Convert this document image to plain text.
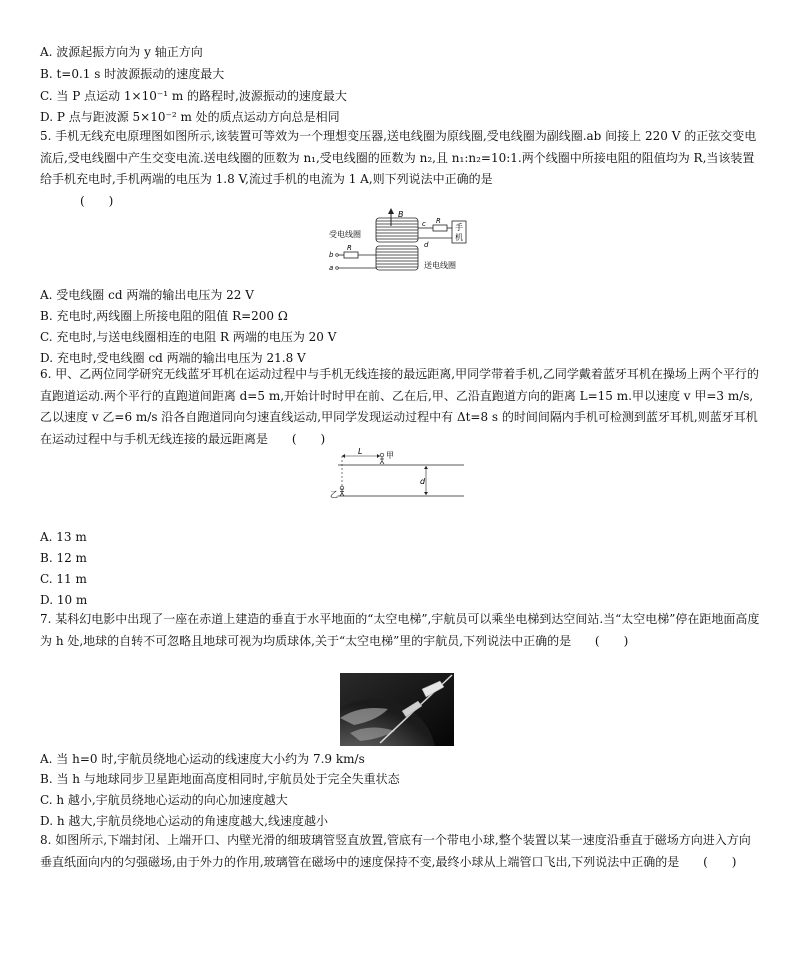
A. 波源起振方向为 y 轴正方向
B. t=0.1 s 时波源振动的速度最大
C. 当 P 点运动 1×10⁻¹ m 的路程时,波源振动的速度最大
D. P 点与距波源 5×10⁻² m 处的质点运动方向总是相同
5. 手机无线充电原理图如图所示,该装置可等效为一个理想变压器,送电线圈为原线圈,受电线圈为副线圈.ab 间接上 220 V 的正弦交变电流后,受电线圈中产生交变电流.送电线圈的匝数为 n₁,受电线圈的匝数为 n₂,且 n₁:n₂=10:1.两个线圈中所接电阻的阻值均为 R,当该装置给手机充电时,手机两端的电压为 1.8 V,流过手机的电流为 1 A,则下列说法中正确的是
(　　)
B
受电线圈
送电线圈
c R
d
手
机
b
a
R
A. 受电线圈 cd 两端的输出电压为 22 V
B. 充电时,两线圈上所接电阻的阻值 R=200 Ω
C. 充电时,与送电线圈相连的电阻 R 两端的电压为 20 V
D. 充电时,受电线圈 cd 两端的输出电压为 21.8 V
6. 甲、乙两位同学研究无线蓝牙耳机在运动过程中与手机无线连接的最远距离,甲同学带着手机,乙同学戴着蓝牙耳机在操场上两个平行的直跑道运动.两个平行的直跑道间距离 d=5 m,开始计时时甲在前、乙在后,甲、乙沿直跑道方向的距离 L=15 m.甲以速度 v 甲=3 m/s,乙以速度 v 乙=6 m/s 沿各自跑道同向匀速直线运动,甲同学发现运动过程中有 Δt=8 s 的时间间隔内手机可检测到蓝牙耳机,则蓝牙耳机在运动过程中与手机无线连接的最远距离是 (　　)
L	甲
乙
d
A. 13 m
B. 12 m
C. 11 m
D. 10 m
7. 某科幻电影中出现了一座在赤道上建造的垂直于水平地面的“太空电梯”,宇航员可以乘坐电梯到达空间站.当“太空电梯”停在距地面高度为 h 处,地球的自转不可忽略且地球可视为均质球体,关于“太空电梯”里的宇航员,下列说法中正确的是 (　　)
A. 当 h=0 时,宇航员绕地心运动的线速度大小约为 7.9 km/s
B. 当 h 与地球同步卫星距地面高度相同时,宇航员处于完全失重状态
C. h 越小,宇航员绕地心运动的向心加速度越大
D. h 越大,宇航员绕地心运动的角速度越大,线速度越小
8. 如图所示,下端封闭、上端开口、内壁光滑的细玻璃管竖直放置,管底有一个带电小球,整个装置以某一速度沿垂直于磁场方向进入方向垂直纸面向内的匀强磁场,由于外力的作用,玻璃管在磁场中的速度保持不变,最终小球从上端管口飞出,下列说法中正确的是 (　　)
